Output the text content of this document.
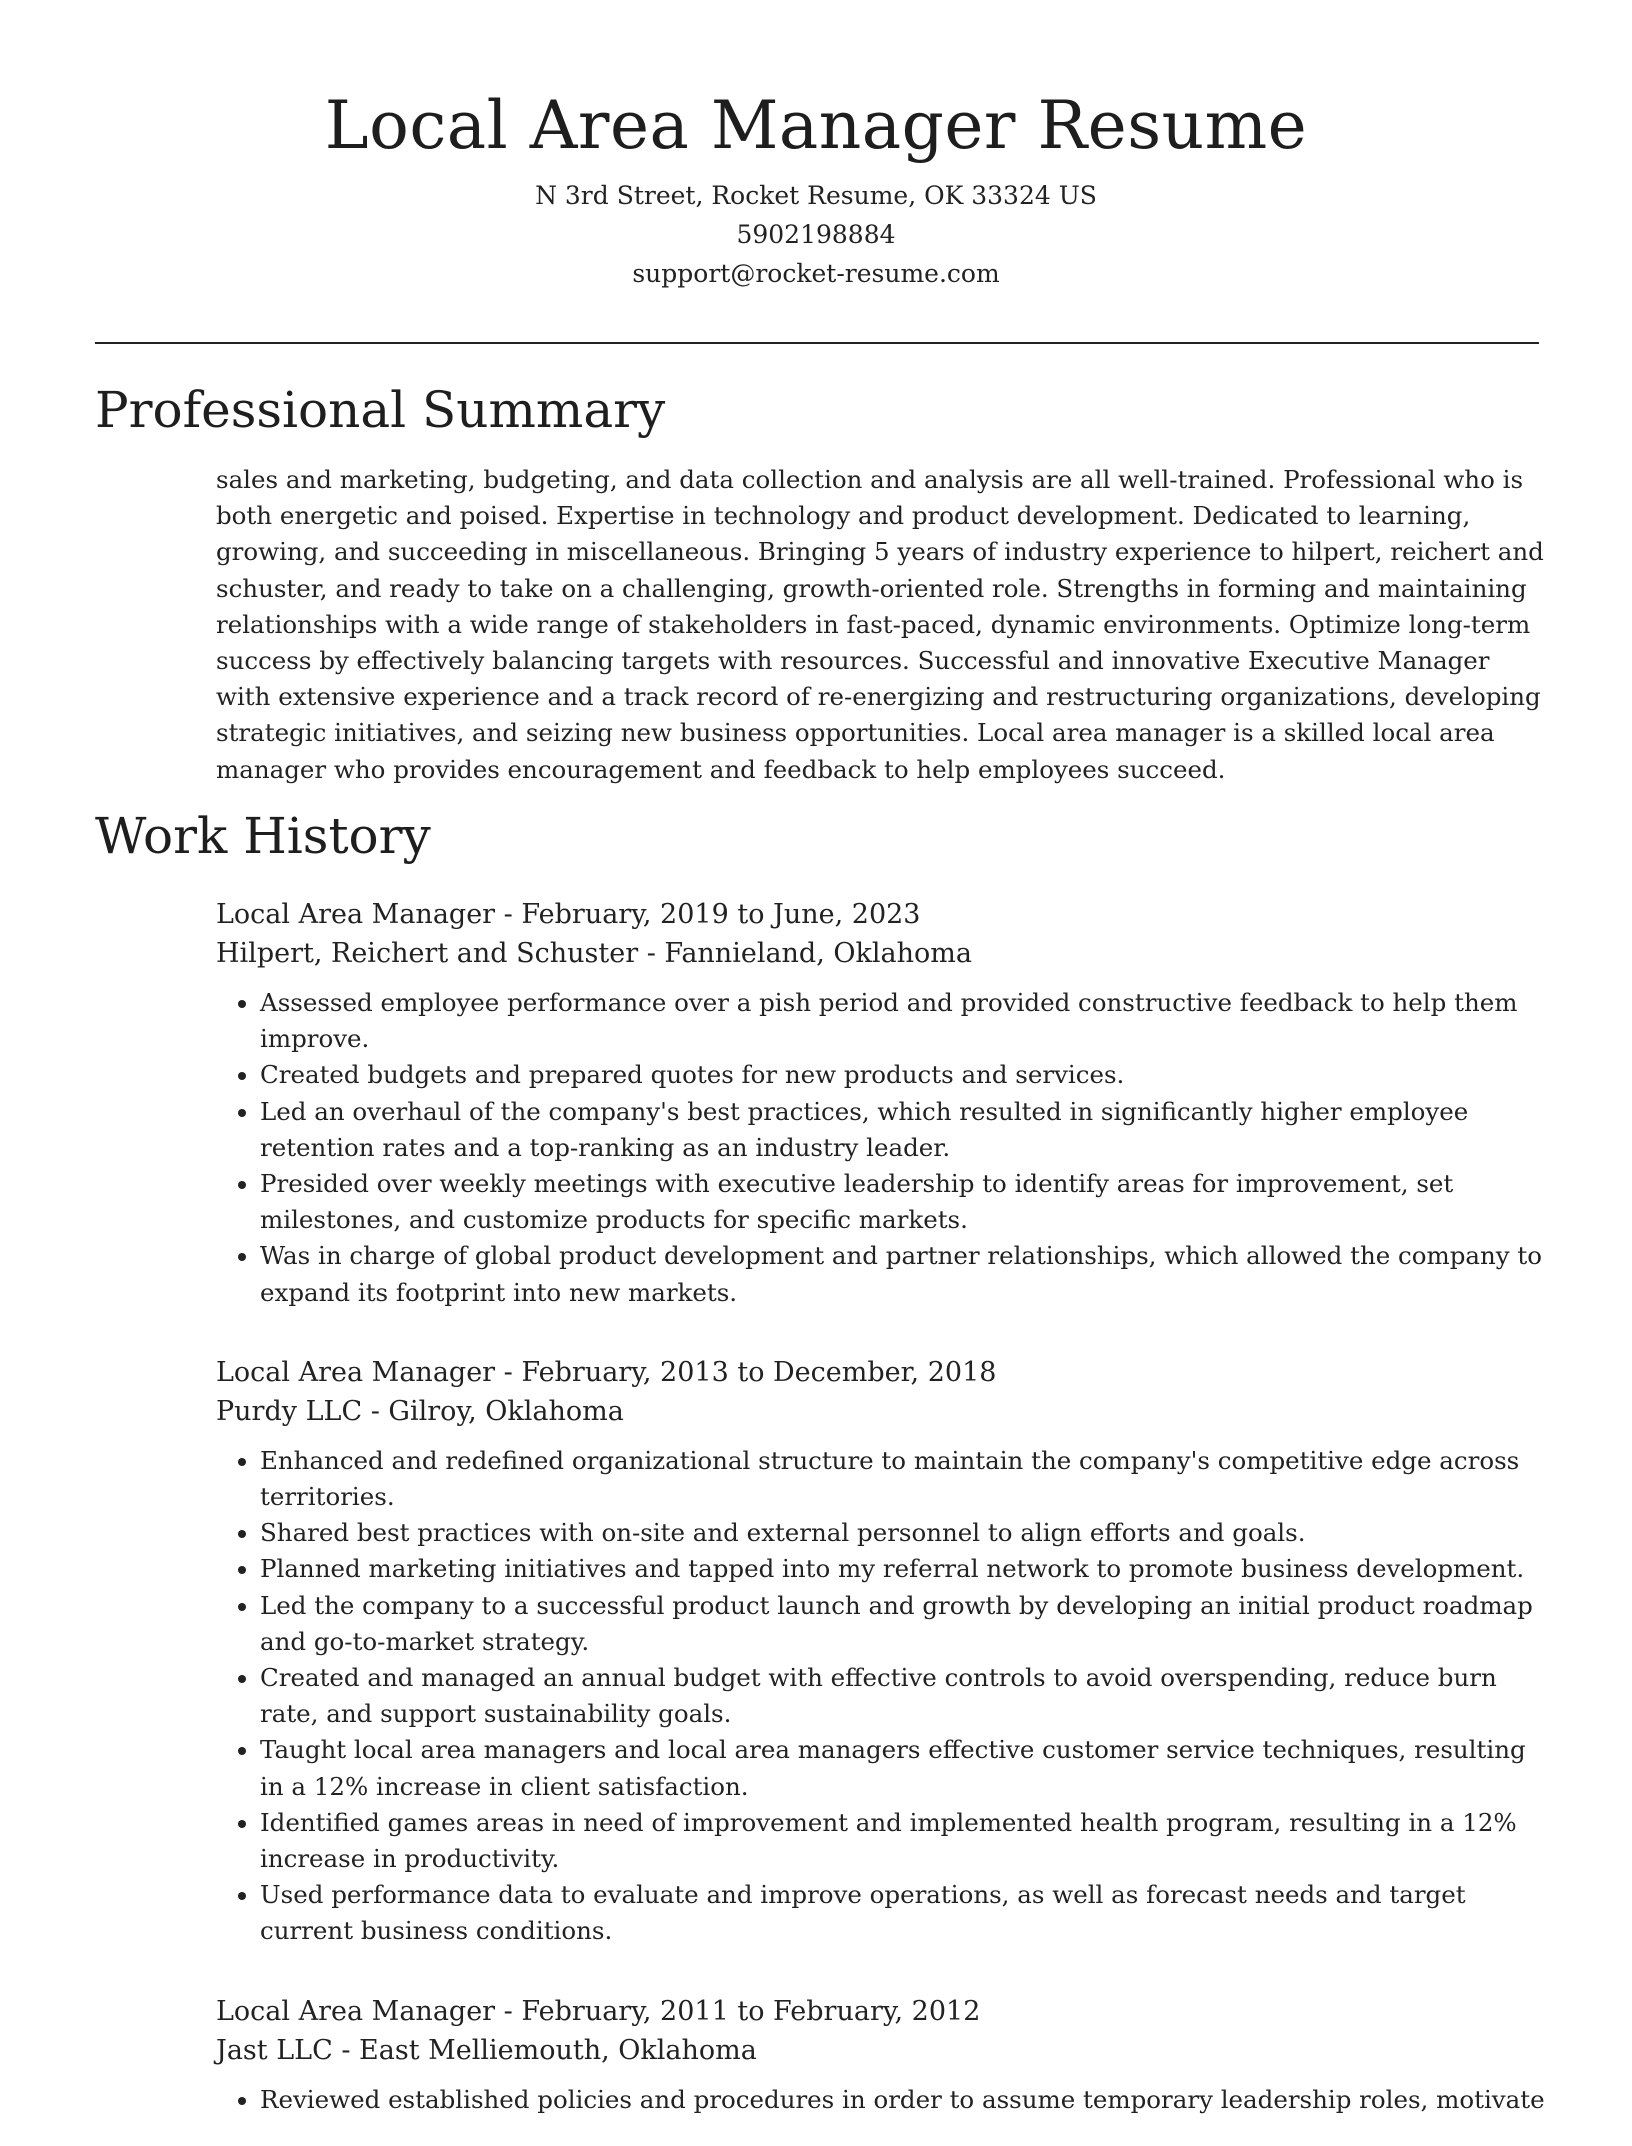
Local Area Manager Resume
N 3rd Street, Rocket Resume, OK 33324 US
5902198884
support@rocket-resume.com
Professional Summary
sales and marketing, budgeting, and data collection and analysis are all well-trained. Professional who is both energetic and poised. Expertise in technology and product development. Dedicated to learning, growing, and succeeding in miscellaneous. Bringing 5 years of industry experience to hilpert, reichert and schuster, and ready to take on a challenging, growth-oriented role. Strengths in forming and maintaining relationships with a wide range of stakeholders in fast-paced, dynamic environments. Optimize long-term success by effectively balancing targets with resources. Successful and innovative Executive Manager with extensive experience and a track record of re-energizing and restructuring organizations, developing strategic initiatives, and seizing new business opportunities. Local area manager is a skilled local area manager who provides encouragement and feedback to help employees succeed.
Work History
Local Area Manager - February, 2019 to June, 2023
Hilpert, Reichert and Schuster - Fannieland, Oklahoma
• Assessed employee performance over a pish period and provided constructive feedback to help them improve.
• Created budgets and prepared quotes for new products and services.
• Led an overhaul of the company's best practices, which resulted in significantly higher employee retention rates and a top-ranking as an industry leader.
• Presided over weekly meetings with executive leadership to identify areas for improvement, set milestones, and customize products for specific markets.
• Was in charge of global product development and partner relationships, which allowed the company to expand its footprint into new markets.
Local Area Manager - February, 2013 to December, 2018
Purdy LLC - Gilroy, Oklahoma
• Enhanced and redefined organizational structure to maintain the company's competitive edge across territories.
• Shared best practices with on-site and external personnel to align efforts and goals.
• Planned marketing initiatives and tapped into my referral network to promote business development.
• Led the company to a successful product launch and growth by developing an initial product roadmap and go-to-market strategy.
• Created and managed an annual budget with effective controls to avoid overspending, reduce burn rate, and support sustainability goals.
• Taught local area managers and local area managers effective customer service techniques, resulting in a 12% increase in client satisfaction.
• Identified games areas in need of improvement and implemented health program, resulting in a 12% increase in productivity.
• Used performance data to evaluate and improve operations, as well as forecast needs and target current business conditions.
Local Area Manager - February, 2011 to February, 2012
Jast LLC - East Melliemouth, Oklahoma
• Reviewed established policies and procedures in order to assume temporary leadership roles, motivate
